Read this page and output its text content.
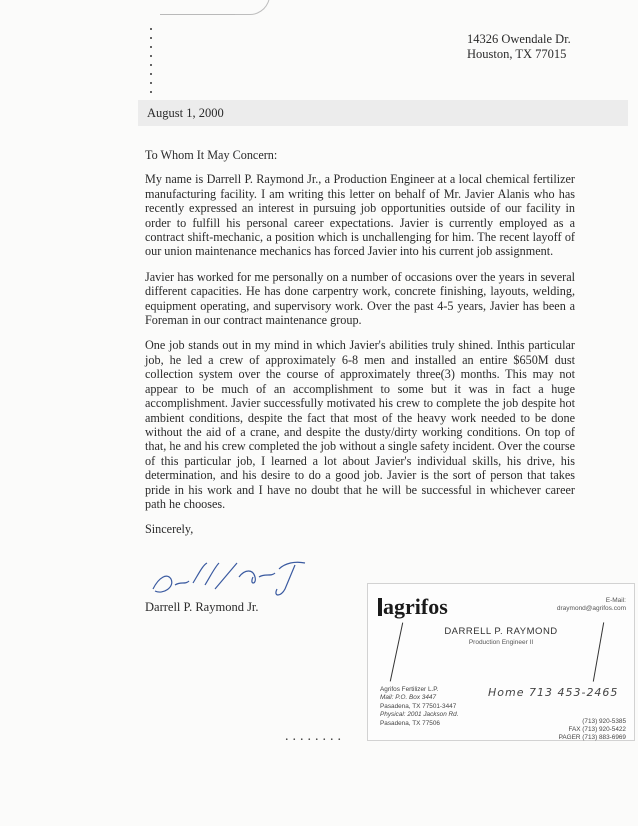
14326 Owendale Dr.
Houston, TX 77015
August 1, 2000

To Whom It May Concern:

My name is Darrell P. Raymond Jr., a Production Engineer at a local chemical fertilizer manufacturing facility. I am writing this letter on behalf of Mr. Javier Alanis who has recently expressed an interest in pursuing job opportunities outside of our facility in order to fulfill his personal career expectations. Javier is currently employed as a contract shift-mechanic, a position which is unchallenging for him. The recent layoff of our union maintenance mechanics has forced Javier into his current job assignment.

Javier has worked for me personally on a number of occasions over the years in several different capacities. He has done carpentry work, concrete finishing, layouts, welding, equipment operating, and supervisory work. Over the past 4-5 years, Javier has been a Foreman in our contract maintenance group.

One job stands out in my mind in which Javier's abilities truly shined. Inthis particular job, he led a crew of approximately 6-8 men and installed an entire $650M dust collection system over the course of approximately three(3) months. This may not appear to be much of an accomplishment to some but it was in fact a huge accomplishment. Javier successfully motivated his crew to complete the job despite hot ambient conditions, despite the fact that most of the heavy work needed to be done without the aid of a crane, and despite the dusty/dirty working conditions. On top of that, he and his crew completed the job without a single safety incident. Over the course of this particular job, I learned a lot about Javier's individual skills, his drive, his determination, and his desire to do a good job. Javier is the sort of person that takes pride in his work and I have no doubt that he will be successful in whichever career path he chooses.

Sincerely,

Darrell P. Raymond Jr.
........
agrifos	E-Mail:
draymond@agrifos.com
DARRELL P. RAYMOND
Production Engineer II
Agrifos Fertilizer L.P.
Mail: P.O. Box 3447
Pasadena, TX 77501-3447
Physical: 2001 Jackson Rd.
Pasadena, TX 77506
Home 713 453-2465
(713) 920-5385
FAX (713) 920-5422
PAGER (713) 883-6969
